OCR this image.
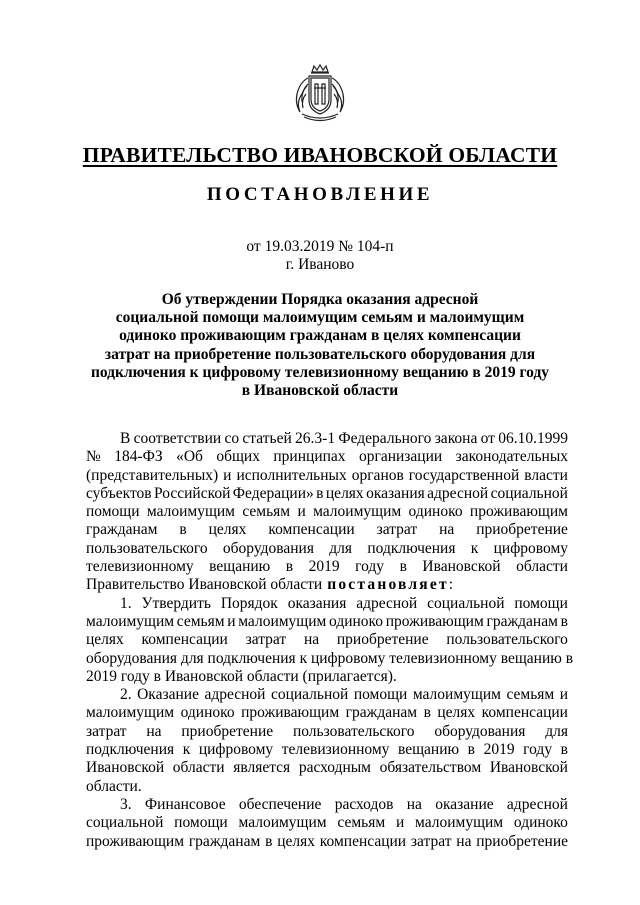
ПРАВИТЕЛЬСТВО ИВАНОВСКОЙ ОБЛАСТИ
ПОСТАНОВЛЕНИЕ
от 19.03.2019 № 104-п
г. Иваново
Об утверждении Порядка оказания адресной
социальной помощи малоимущим семьям и малоимущим
одиноко проживающим гражданам в целях компенсации
затрат на приобретение пользовательского оборудования для
подключения к цифровому телевизионному вещанию в 2019 году
в Ивановской области
В соответствии со статьей 26.3-1 Федерального закона от 06.10.1999
№ 184-ФЗ «Об общих принципах организации законодательных
(представительных) и исполнительных органов государственной власти
субъектов Российской Федерации» в целях оказания адресной социальной
помощи малоимущим семьям и малоимущим одиноко проживающим
гражданам в целях компенсации затрат на приобретение
пользовательского оборудования для подключения к цифровому
телевизионному вещанию в 2019 году в Ивановской области
Правительство Ивановской области постановляет:
1. Утвердить Порядок оказания адресной социальной помощи
малоимущим семьям и малоимущим одиноко проживающим гражданам в
целях компенсации затрат на приобретение пользовательского
оборудования для подключения к цифровому телевизионному вещанию в
2019 году в Ивановской области (прилагается).
2. Оказание адресной социальной помощи малоимущим семьям и
малоимущим одиноко проживающим гражданам в целях компенсации
затрат на приобретение пользовательского оборудования для
подключения к цифровому телевизионному вещанию в 2019 году в
Ивановской области является расходным обязательством Ивановской
области.
3. Финансовое обеспечение расходов на оказание адресной
социальной помощи малоимущим семьям и малоимущим одиноко
проживающим гражданам в целях компенсации затрат на приобретение
